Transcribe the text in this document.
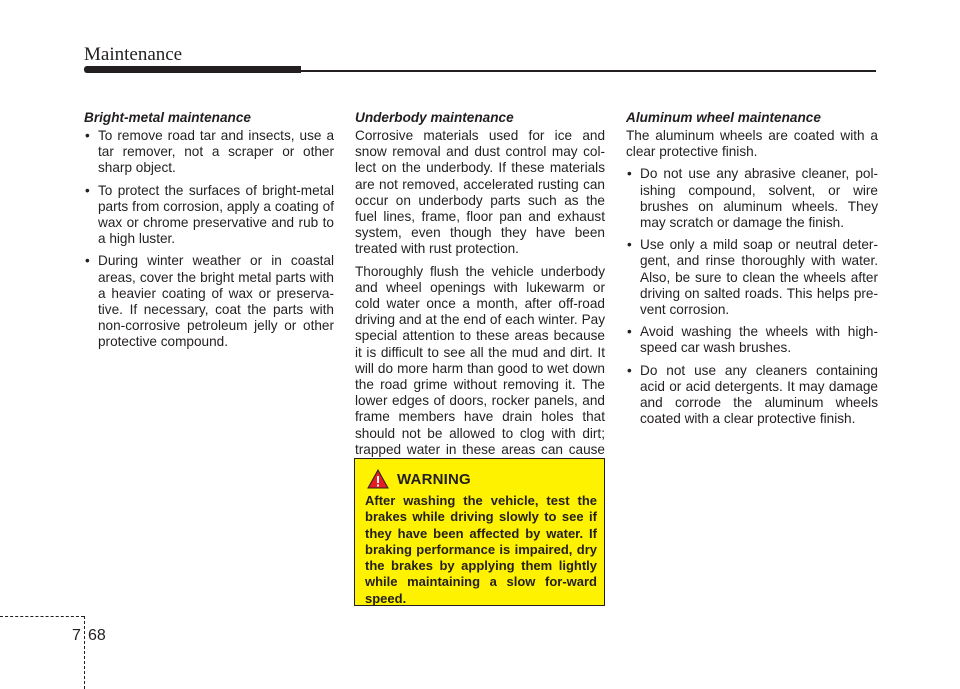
Maintenance
Bright-metal maintenance
• To remove road tar and insects, use a tar remover, not a scraper or other sharp object.
• To protect the surfaces of bright-metal parts from corrosion, apply a coating of wax or chrome preservative and rub to a high luster.
• During winter weather or in coastal areas, cover the bright metal parts with a heavier coating of wax or preserva-tive. If necessary, coat the parts with non-corrosive petroleum jelly or other protective compound.
Underbody maintenance

Corrosive materials used for ice and snow removal and dust control may col-lect on the underbody. If these materials are not removed, accelerated rusting can occur on underbody parts such as the fuel lines, frame, floor pan and exhaust system, even though they have been treated with rust protection.

Thoroughly flush the vehicle underbody and wheel openings with lukewarm or cold water once a month, after off-road driving and at the end of each winter. Pay special attention to these areas because it is difficult to see all the mud and dirt. It will do more harm than good to wet down the road grime without removing it. The lower edges of doors, rocker panels, and frame members have drain holes that should not be allowed to clog with dirt; trapped water in these areas can cause

WARNING
After washing the vehicle, test the brakes while driving slowly to see if they have been affected by water. If braking performance is impaired, dry the brakes by applying them lightly while maintaining a slow for-ward speed.
Aluminum wheel maintenance

The aluminum wheels are coated with a clear protective finish.

• Do not use any abrasive cleaner, pol-ishing compound, solvent, or wire brushes on aluminum wheels. They may scratch or damage the finish.
• Use only a mild soap or neutral deter-gent, and rinse thoroughly with water. Also, be sure to clean the wheels after driving on salted roads. This helps pre-vent corrosion.
• Avoid washing the wheels with high-speed car wash brushes.
• Do not use any cleaners containing acid or acid detergents. It may damage and corrode the aluminum wheels coated with a clear protective finish.
7 68
